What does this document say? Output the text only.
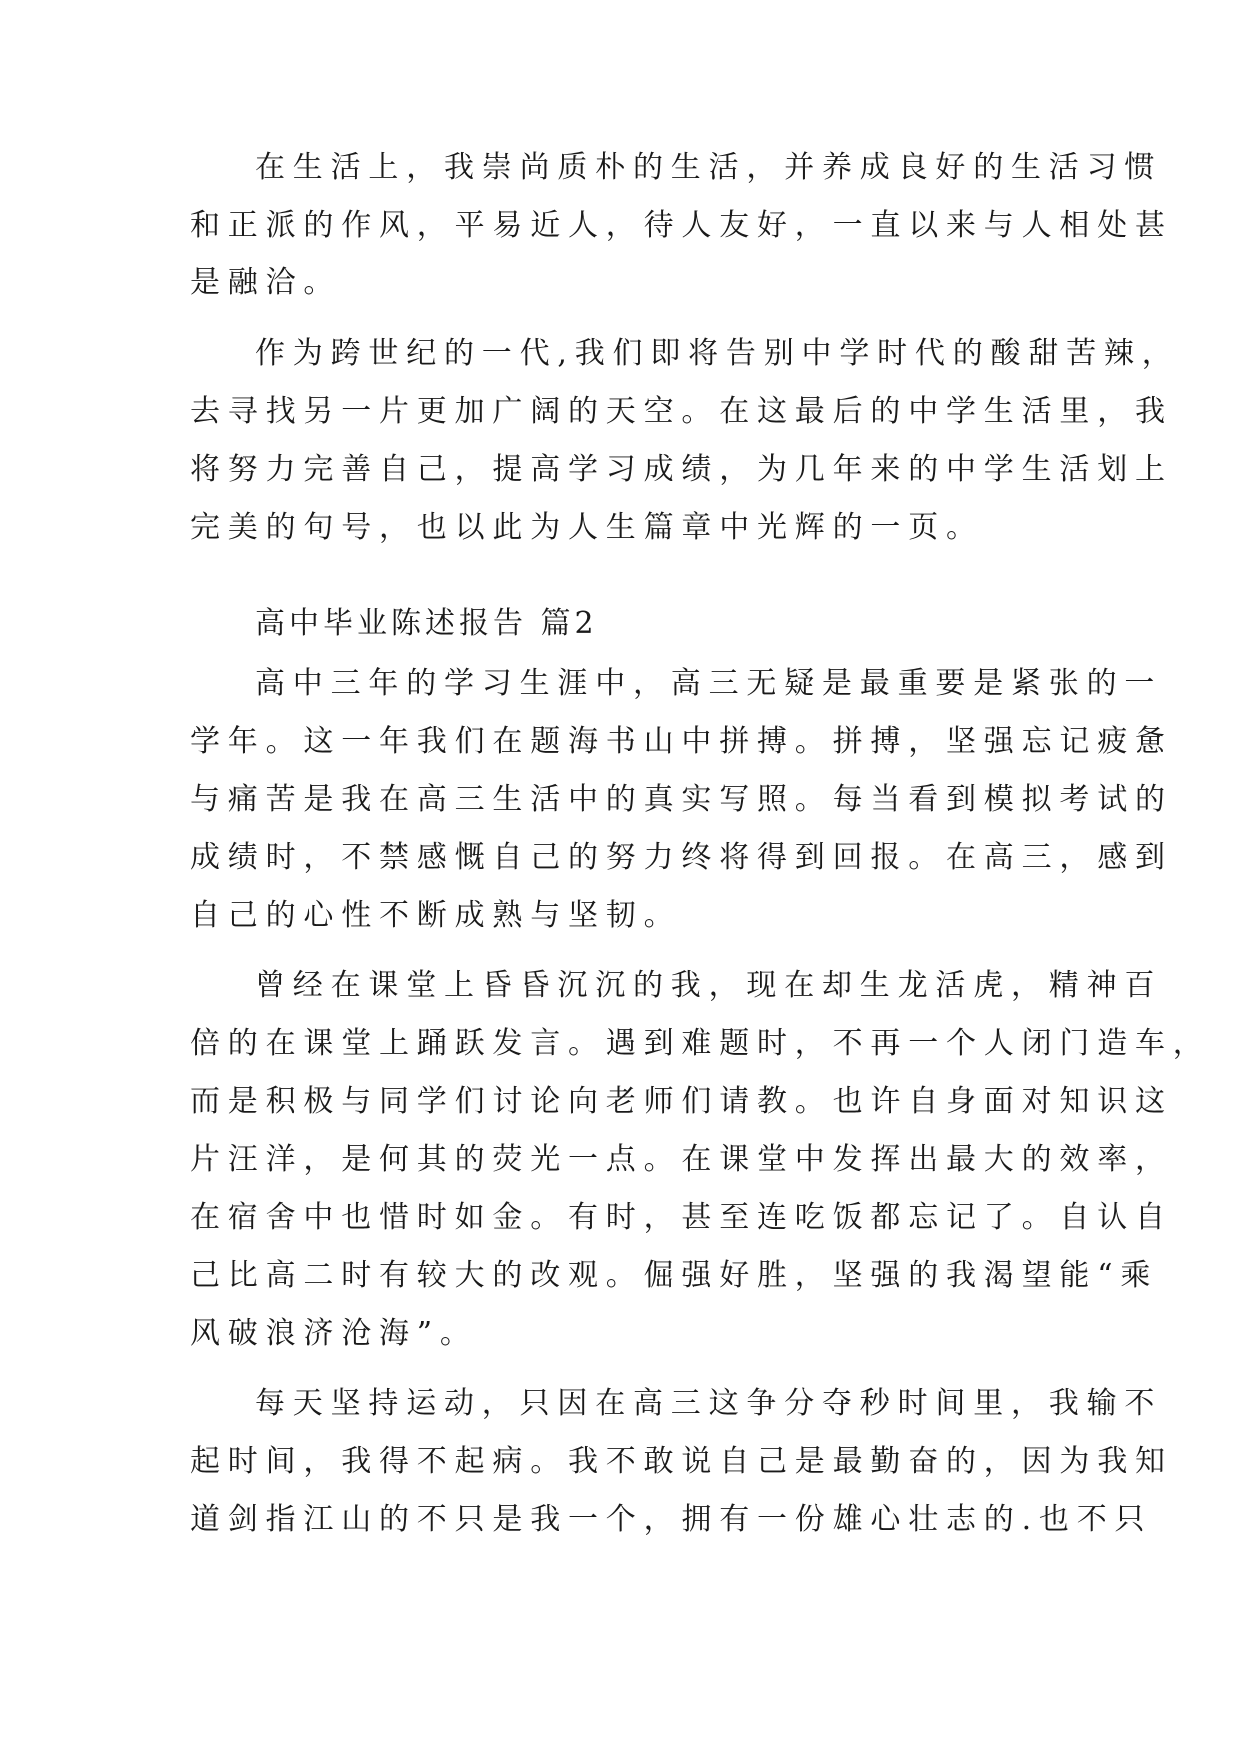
在生活上，我崇尚质朴的生活，并养成良好的生活习惯
和正派的作风，平易近人，待人友好，一直以来与人相处甚
是融洽。
作为跨世纪的一代,我们即将告别中学时代的酸甜苦辣，
去寻找另一片更加广阔的天空。在这最后的中学生活里，我
将努力完善自己，提高学习成绩，为几年来的中学生活划上
完美的句号，也以此为人生篇章中光辉的一页。
高中毕业陈述报告 篇2
高中三年的学习生涯中，高三无疑是最重要是紧张的一
学年。这一年我们在题海书山中拼搏。拼搏，坚强忘记疲惫
与痛苦是我在高三生活中的真实写照。每当看到模拟考试的
成绩时，不禁感慨自己的努力终将得到回报。在高三，感到
自己的心性不断成熟与坚韧。
曾经在课堂上昏昏沉沉的我，现在却生龙活虎，精神百
倍的在课堂上踊跃发言。遇到难题时，不再一个人闭门造车，
而是积极与同学们讨论向老师们请教。也许自身面对知识这
片汪洋，是何其的荧光一点。在课堂中发挥出最大的效率，
在宿舍中也惜时如金。有时，甚至连吃饭都忘记了。自认自
己比高二时有较大的改观。倔强好胜，坚强的我渴望能“乘
风破浪济沧海”。
每天坚持运动，只因在高三这争分夺秒时间里，我输不
起时间，我得不起病。我不敢说自己是最勤奋的，因为我知
道剑指江山的不只是我一个，拥有一份雄心壮志的.也不只
